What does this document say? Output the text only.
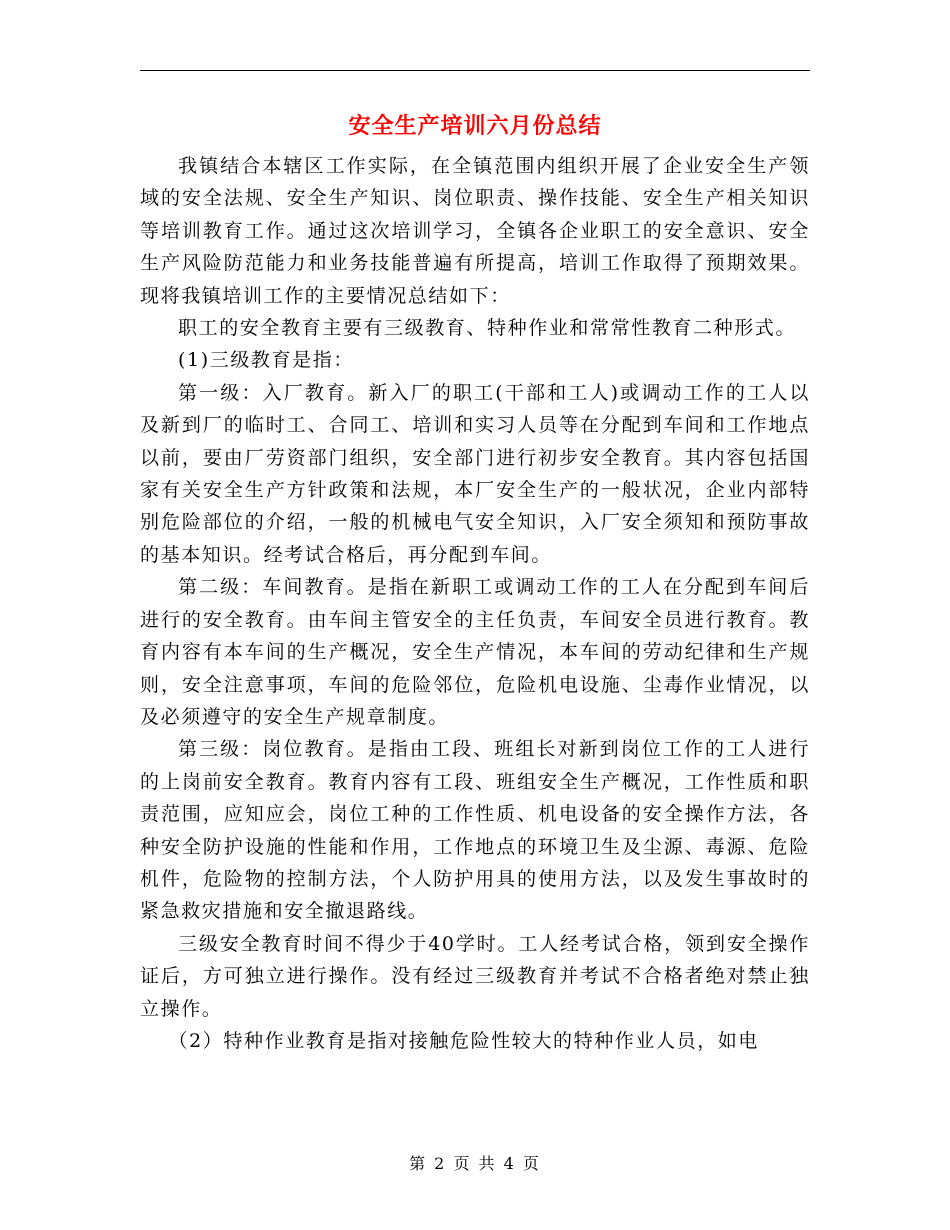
安全生产培训六月份总结

我镇结合本辖区工作实际，在全镇范围内组织开展了企业安全生产领域的安全法规、安全生产知识、岗位职责、操作技能、安全生产相关知识等培训教育工作。通过这次培训学习，全镇各企业职工的安全意识、安全生产风险防范能力和业务技能普遍有所提高，培训工作取得了预期效果。现将我镇培训工作的主要情况总结如下：

职工的安全教育主要有三级教育、特种作业和常常性教育二种形式。

(1)三级教育是指：

第一级：入厂教育。新入厂的职工(干部和工人)或调动工作的工人以及新到厂的临时工、合同工、培训和实习人员等在分配到车间和工作地点以前，要由厂劳资部门组织，安全部门进行初步安全教育。其内容包括国家有关安全生产方针政策和法规，本厂安全生产的一般状况，企业内部特别危险部位的介绍，一般的机械电气安全知识，入厂安全须知和预防事故的基本知识。经考试合格后，再分配到车间。

第二级：车间教育。是指在新职工或调动工作的工人在分配到车间后进行的安全教育。由车间主管安全的主任负责，车间安全员进行教育。教育内容有本车间的生产概况，安全生产情况，本车间的劳动纪律和生产规则，安全注意事项，车间的危险邻位，危险机电设施、尘毒作业情况，以及必须遵守的安全生产规章制度。

第三级：岗位教育。是指由工段、班组长对新到岗位工作的工人进行的上岗前安全教育。教育内容有工段、班组安全生产概况，工作性质和职责范围，应知应会，岗位工种的工作性质、机电设备的安全操作方法，各种安全防护设施的性能和作用，工作地点的环境卫生及尘源、毒源、危险机件，危险物的控制方法，个人防护用具的使用方法，以及发生事故时的紧急救灾措施和安全撤退路线。

三级安全教育时间不得少于40学时。工人经考试合格，领到安全操作证后，方可独立进行操作。没有经过三级教育并考试不合格者绝对禁止独立操作。

（2）特种作业教育是指对接触危险性较大的特种作业人员，如电

第 2 页 共 4 页
